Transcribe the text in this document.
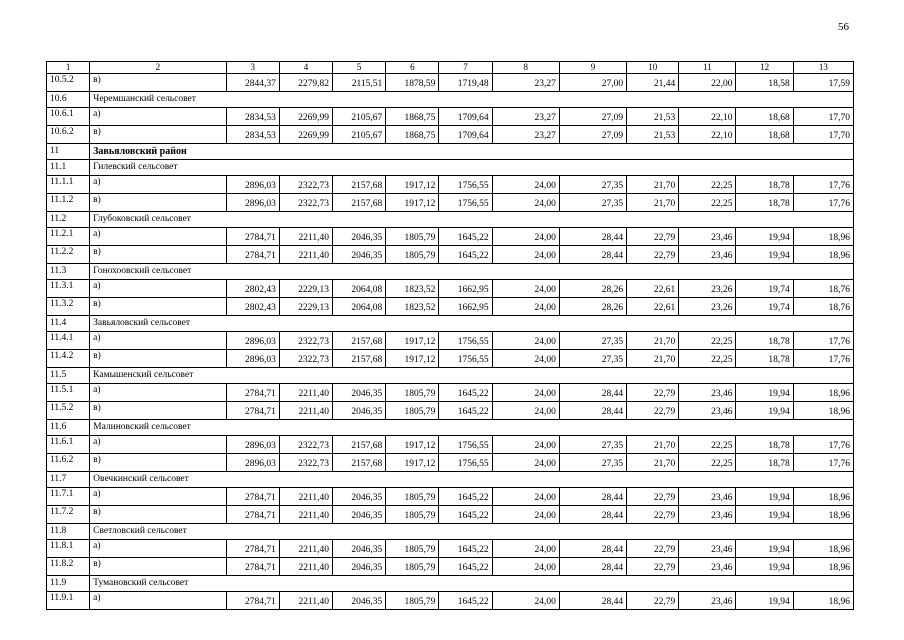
56
1	2	3	4	5	6	7	8	9	10	11	12	13
10.5.2	в)	2844,37	2279,82	2115,51	1878,59	1719,48	23,27	27,00	21,44	22,00	18,58	17,59
10.6	Черемшанский сельсовет											
10.6.1	а)	2834,53	2269,99	2105,67	1868,75	1709,64	23,27	27,09	21,53	22,10	18,68	17,70
10.6.2	в)	2834,53	2269,99	2105,67	1868,75	1709,64	23,27	27,09	21,53	22,10	18,68	17,70
11	Завьяловский район											
11.1	Гилевский сельсовет											
11.1.1	а)	2896,03	2322,73	2157,68	1917,12	1756,55	24,00	27,35	21,70	22,25	18,78	17,76
11.1.2	в)	2896,03	2322,73	2157,68	1917,12	1756,55	24,00	27,35	21,70	22,25	18,78	17,76
11.2	Глубоковский сельсовет											
11.2.1	а)	2784,71	2211,40	2046,35	1805,79	1645,22	24,00	28,44	22,79	23,46	19,94	18,96
11.2.2	в)	2784,71	2211,40	2046,35	1805,79	1645,22	24,00	28,44	22,79	23,46	19,94	18,96
11.3	Гонохоовский сельсовет											
11.3.1	а)	2802,43	2229,13	2064,08	1823,52	1662,95	24,00	28,26	22,61	23,26	19,74	18,76
11.3.2	в)	2802,43	2229,13	2064,08	1823,52	1662,95	24,00	28,26	22,61	23,26	19,74	18,76
11.4	Завьяловский сельсовет											
11.4.1	а)	2896,03	2322,73	2157,68	1917,12	1756,55	24,00	27,35	21,70	22,25	18,78	17,76
11.4.2	в)	2896,03	2322,73	2157,68	1917,12	1756,55	24,00	27,35	21,70	22,25	18,78	17,76
11.5	Камышенский сельсовет											
11.5.1	а)	2784,71	2211,40	2046,35	1805,79	1645,22	24,00	28,44	22,79	23,46	19,94	18,96
11.5.2	в)	2784,71	2211,40	2046,35	1805,79	1645,22	24,00	28,44	22,79	23,46	19,94	18,96
11.6	Малиновский сельсовет											
11.6.1	а)	2896,03	2322,73	2157,68	1917,12	1756,55	24,00	27,35	21,70	22,25	18,78	17,76
11.6.2	в)	2896,03	2322,73	2157,68	1917,12	1756,55	24,00	27,35	21,70	22,25	18,78	17,76
11.7	Овечкинский сельсовет											
11.7.1	а)	2784,71	2211,40	2046,35	1805,79	1645,22	24,00	28,44	22,79	23,46	19,94	18,96
11.7.2	в)	2784,71	2211,40	2046,35	1805,79	1645,22	24,00	28,44	22,79	23,46	19,94	18,96
11.8	Светловский сельсовет											
11.8.1	а)	2784,71	2211,40	2046,35	1805,79	1645,22	24,00	28,44	22,79	23,46	19,94	18,96
11.8.2	в)	2784,71	2211,40	2046,35	1805,79	1645,22	24,00	28,44	22,79	23,46	19,94	18,96
11.9	Тумановский сельсовет											
11.9.1	а)	2784,71	2211,40	2046,35	1805,79	1645,22	24,00	28,44	22,79	23,46	19,94	18,96
